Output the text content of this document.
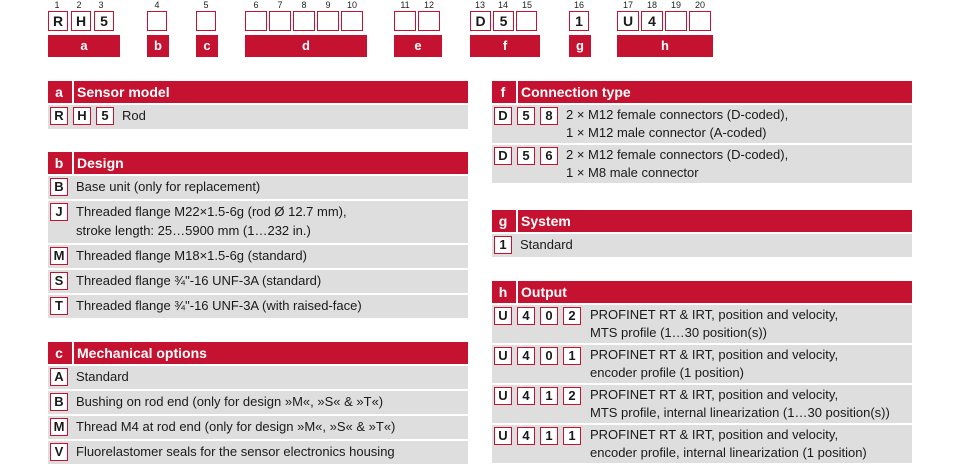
1	2	3	4	5	6	7	8	9	10	11	12	13	14	15	16	17	18	19	20
R H	5	D	5	1	U	4
a	b	c	d	e	f	g	h
a	Sensor model
R	H	5	Rod
b Design
B Base unit (only for replacement)
J	Threaded flange M22×1.5-6g (rod Ø 12.7 mm),
stroke length: 25…5900 mm (1…232 in.)
M Threaded flange M18×1.5-6g (standard)
S Threaded flange ¾"-16 UNF-3A (standard)
T	Threaded flange ¾"-16 UNF-3A (with raised-face)
c	Mechanical options
A Standard
B Bushing on rod end (only for design »M«, »S« & »T«)
M Thread M4 at rod end (only for design »M«, »S« & »T«)
V Fluorelastomer seals for the sensor electronics housing
f	Connection type
D	5	8	2 × M12 female connectors (D-coded),
1 × M12 male connector (A-coded)
D	5	6	2 × M12 female connectors (D-coded),
1 × M8 male connector
g System
1	Standard
h Output
U	4	0	2	PROFINET RT & IRT, position and velocity,
MTS profile (1…30 position(s))
U	4	0	1	PROFINET RT & IRT, position and velocity,
encoder profile (1 position)
U	4	1	2	PROFINET RT & IRT, position and velocity,
MTS profile, internal linearization (1…30 position(s))
U	4	1	1	PROFINET RT & IRT, position and velocity,
encoder profile, internal linearization (1 position)
